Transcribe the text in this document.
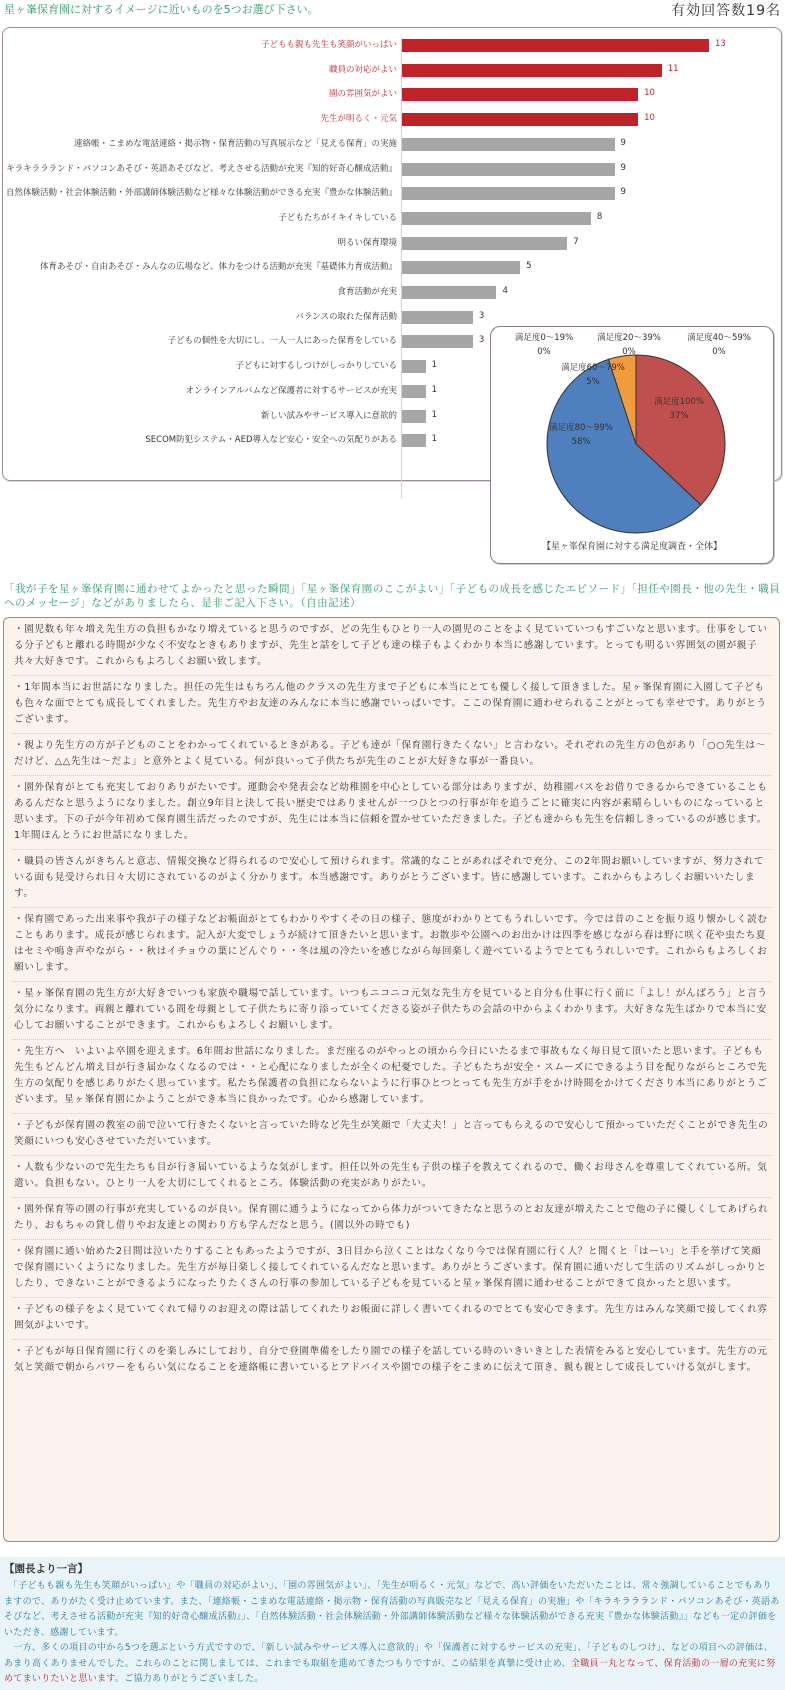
星ヶ峯保育園に対するイメージに近いものを5つお選び下さい。	有効回答数19名
子どもも親も先生も笑顔がいっぱい	13
職員の対応がよい	11
園の雰囲気がよい	10
先生が明るく・元気	10
連絡帳・こまめな電話連絡・掲示物・保育活動の写真展示など「見える保育」の実施	9
キラキララランド・パソコンあそび・英語あそびなど、考えさせる活動が充実『知的好奇心醸成活動』	9
自然体験活動・社会体験活動・外部講師体験活動など様々な体験活動ができる充実『豊かな体験活動』	9
子どもたちがイキイキしている	8
明るい保育環境	7
体育あそび・自由あそび・みんなの広場など、体力をつける活動が充実『基礎体力育成活動』	5
食育活動が充実	4
バランスの取れた保育活動	3
子どもの個性を大切にし、一人一人にあった保育をしている	3
子どもに対するしつけがしっかりしている	1
オンラインアルバムなど保護者に対するサービスが充実	1
新しい試みやサービス導入に意欲的	1
SECOM防犯システム・AED導入など安心・安全への気配りがある	1
【星ヶ峯保育園に対する満足度調査・全体】
満足度100%
37%
満足度80〜99%
58%
満足度60〜79%
5%
満足度0〜19%
0%
満足度20〜39%
0%
満足度40〜59%
0%
「我が子を星ヶ峯保育園に通わせてよかったと思った瞬間」「星ヶ峯保育園のここがよい」「子どもの成長を感じたエピソード」「担任や園長・他の先生・職員へのメッセージ」などがありましたら、是非ご記入下さい。（自由記述）
・園児数も年々増え先生方の負担もかなり増えていると思うのですが、どの先生もひとり一人の園児のことをよく見ていていつもすごいなと思います。仕事をしている分子どもと離れる時間が少なく不安なときもありますが、先生と話をして子ども達の様子もよくわかり本当に感謝しています。とっても明るい雰囲気の園が親子共々大好きです。これからもよろしくお願い致します。
・1年間本当にお世話になりました。担任の先生はもちろん他のクラスの先生方まで子どもに本当にとても優しく接して頂きました。星ヶ峯保育園に入園して子どもも色々な面でとても成長してくれました。先生方やお友達のみんなに本当に感謝でいっぱいです。ここの保育園に通わせられることがとっても幸せです。ありがとうございます。
・親より先生方の方が子どものことをわかってくれているときがある。子ども達が「保育園行きたくない」と言わない。それぞれの先生方の色があり「○○先生は〜だけど、△△先生は〜だよ」と意外とよく見ている。何が良いって子供たちが先生のことが大好きな事が一番良い。
・園外保育がとても充実しておりありがたいです。運動会や発表会など幼稚園を中心としている部分はありますが、幼稚園バスをお借りできるからできていることもあるんだなと思うようになりました。創立9年目と決して長い歴史ではありませんが一つひとつの行事が年を追うごとに確実に内容が素晴らしいものになっていると思います。下の子が今年初めて保育園生活だったのですが、先生には本当に信頼を置かせていただきました。子ども達からも先生を信頼しきっているのが感じます。1年間ほんとうにお世話になりました。
・職員の皆さんがきちんと意志、情報交換など得られるので安心して預けられます。常識的なことがあればそれで充分、この2年間お願いしていますが、努力されている面も見受けられ日々大切にされているのがよく分かります。本当感謝です。ありがとうございます。皆に感謝しています。これからもよろしくお願いいたします。
・保育園であった出来事や我が子の様子などお帳面がとてもわかりやすくその日の様子、態度がわかりとてもうれしいです。今では昔のことを振り返り懐かしく読むこともあります。成長が感じられます。記入が大変でしょうが続けて頂きたいと思います。お散歩や公園へのお出かけは四季を感じながら春は野に咲く花や虫たち夏はセミや鳴き声やながら・・秋はイチョウの葉にどんぐり・・冬は風の冷たいを感じながら毎回楽しく遊べているようでとてもうれしいです。これからもよろしくお願いします。
・星ヶ峯保育園の先生方が大好きでいつも家族や職場で話しています。いつもニコニコ元気な先生方を見ていると自分も仕事に行く前に「よし！がんばろう」と言う気分になります。両親と離れている間を母親として子供たちに寄り添っていてくださる姿が子供たちの会話の中からよくわかります。大好きな先生ばかりで本当に安心してお願いすることができます。これからもよろしくお願いします。
・先生方へ　いよいよ卒園を迎えます。6年間お世話になりました。まだ座るのがやっとの頃から今日にいたるまで事故もなく毎日見て頂いたと思います。子どもも先生もどんどん増え目が行き届かなくなるのでは・・と心配になりましたが全くの杞憂でした。子どもたちが安全・スムーズにできるよう目を配りながらところで先生方の気配りを感じありがたく思っています。私たち保護者の負担にならないように行事ひとつとっても先生方が手をかけ時間をかけてくださり本当にありがとうございます。星ヶ峯保育園にかようことができ本当に良かったです。心から感謝しています。
・子どもが保育園の教室の前で泣いて行きたくないと言っていた時など先生が笑顔で「大丈夫！」と言ってもらえるので安心して預かっていただくことができ先生の笑顔にいつも安心させていただいています。
・人数も少ないので先生たちも目が行き届いているような気がします。担任以外の先生も子供の様子を教えてくれるので、働くお母さんを尊重してくれている所。気遣い。負担もない。ひとり一人を大切にしてくれるところ。体験活動の充実がありがたい。
・園外保育等の園の行事が充実しているのが良い。保育園に通うようになってから体力がついてきたなと思うのとお友達が増えたことで他の子に優しくしてあげられたり、おもちゃの貸し借りやお友達との関わり方も学んだなと思う。(園以外の時でも)
・保育園に通い始めた2日間は泣いたりすることもあったようですが、3日目から泣くことはなくなり今では保育園に行く人？と聞くと「はーい」と手を挙げて笑顔で保育園にいくようになりました。先生方が毎日楽しく接してくれているんだなと思います。ありがとうございます。保育園に通いだして生活のリズムがしっかりとしたり、できないことができるようになったりたくさんの行事の参加している子どもを見ていると星ヶ峯保育園に通わせることができて良かったと思います。
・子どもの様子をよく見ていてくれて帰りのお迎えの際は話してくれたりお帳面に詳しく書いてくれるのでとても安心できます。先生方はみんな笑顔で接してくれ雰囲気がよいです。
・子どもが毎日保育園に行くのを楽しみにしており、自分で登園準備をしたり園での様子を話している時のいきいきとした表情をみると安心しています。先生方の元気と笑顔で朝からパワーをもらい気になることを連絡帳に書いているとアドバイスや園での様子をこまめに伝えて頂き、親も親として成長していける気がします。
【園長より一言】
　「子どもも親も先生も笑顔がいっぱい」や「職員の対応がよい」、「園の雰囲気がよい」、「先生が明るく・元気」などで、高い評価をいただいたことは、常々強調していることでもありますので、ありがたく受け止めています。また、「連絡帳・こまめな電話連絡・掲示物・保育活動の写真販売など「見える保育」の実施」や「キラキララランド・パソコンあそび・英語あそびなど、考えさせる活動が充実『知的好奇心醸成活動』」、「自然体験活動・社会体験活動・外部講師体験活動など様々な体験活動ができる充実『豊かな体験活動』」なども一定の評価をいただき、感謝しています。
　一方、多くの項目の中から5つを選ぶという方式ですので、「新しい試みやサービス導入に意欲的」や「保護者に対するサービスの充実」、「子どものしつけ」、などの項目への評価は、あまり高くありませんでした。これらのことに関しましては、これまでも取組を進めてきたつもりですが、この結果を真摯に受け止め、全職員一丸となって、保育活動の一層の充実に努めてまいりたいと思います。ご協力ありがとうございました。
